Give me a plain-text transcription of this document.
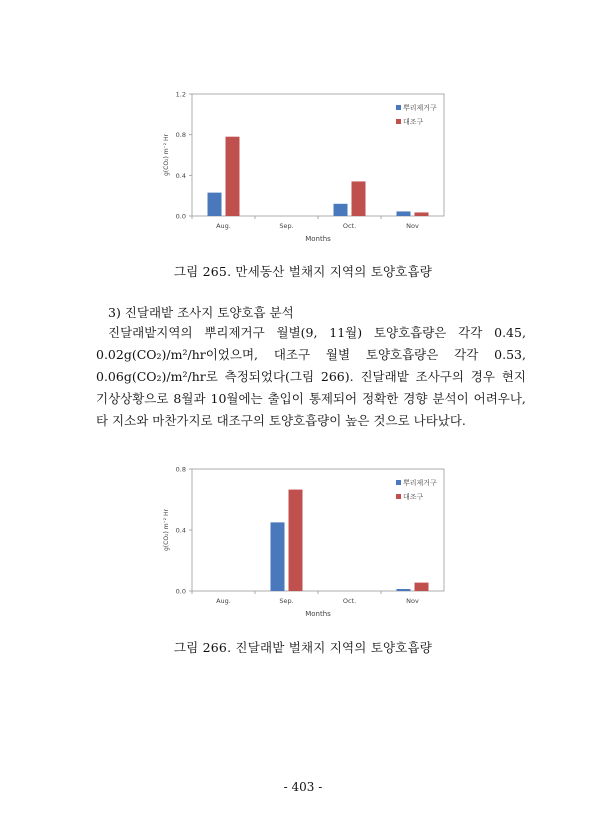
0.0
0.4
0.8
1.2
g(CO₂) m⁻² Hr
Aug.	Sep.	Oct.	Nov
Months
뿌리제거구
대조구
그림 265. 만세동산 벌채지 지역의 토양호흡량
3) 진달래밭 조사지 토양호흡 분석
진달래밭지역의 뿌리제거구 월별(9, 11월) 토양호흡량은 각각 0.45,
0.02g(CO₂)/m²/hr이었으며, 대조구 월별 토양호흡량은 각각 0.53,
0.06g(CO₂)/m²/hr로 측정되었다(그림 266). 진달래밭 조사구의 경우 현지
기상상황으로 8월과 10월에는 출입이 통제되어 정확한 경향 분석이 어려우나,
타 지소와 마찬가지로 대조구의 토양호흡량이 높은 것으로 나타났다.
0.0
0.4
0.8
g(CO₂) m⁻² Hr
Aug.	Sep.	Oct.	Nov
Months
뿌리제거구
대조구
그림 266. 진달래밭 벌채지 지역의 토양호흡량
- 403 -
